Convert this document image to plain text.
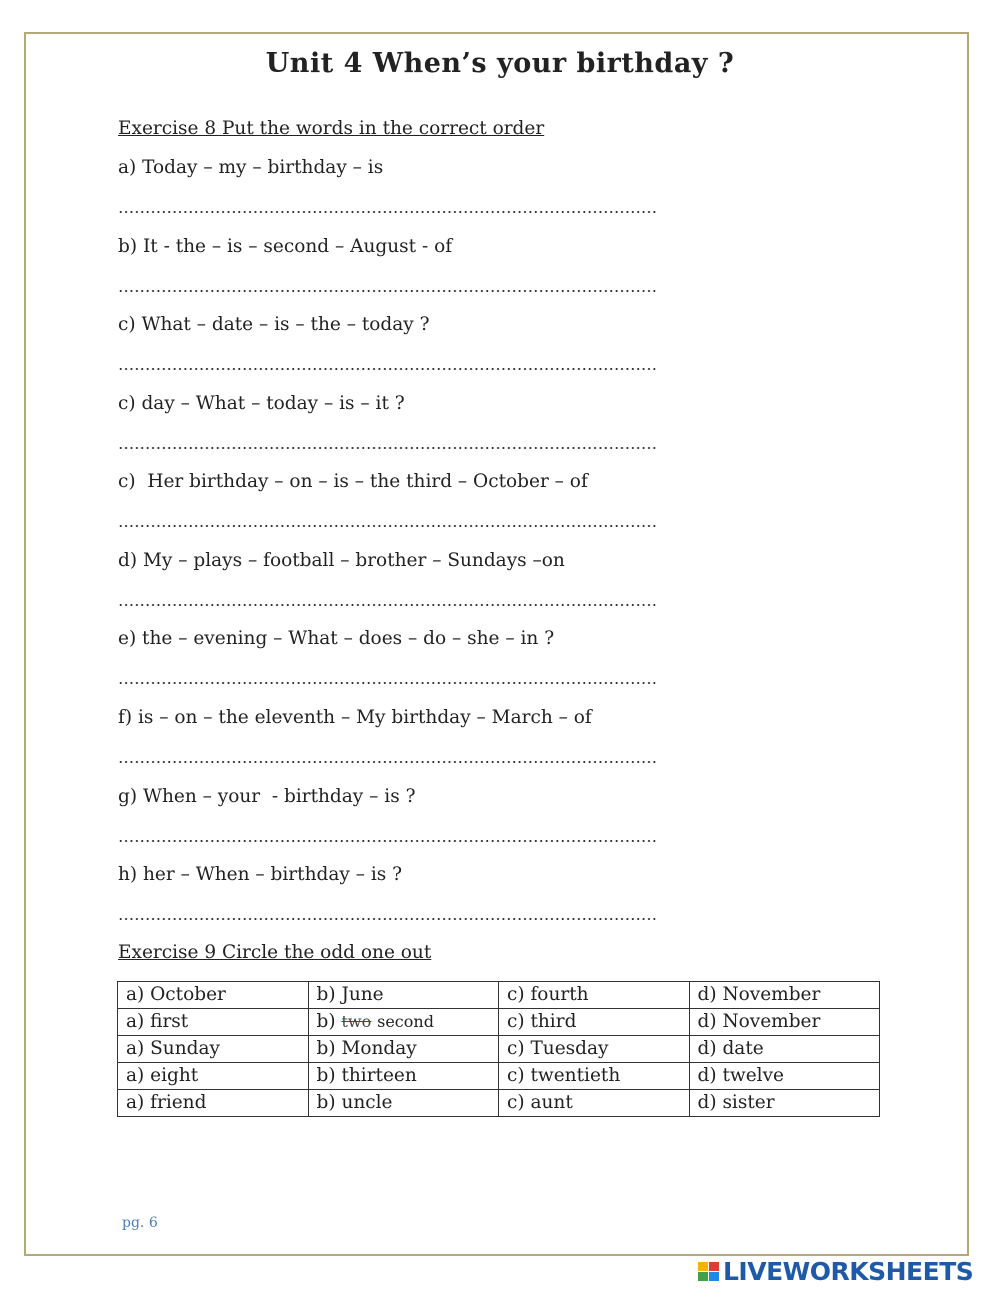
Unit 4 When’s your birthday ?
Exercise 8 Put the words in the correct order
a) Today – my – birthday – is
b) It - the – is – second – August - of
c) What – date – is – the – today ?
c) day – What – today – is – it ?
c)  Her birthday – on – is – the third – October – of
d) My – plays – football – brother – Sundays –on
e) the – evening – What – does – do – she – in ?
f) is – on – the eleventh – My birthday – March – of
g) When – your  - birthday – is ?
h) her – When – birthday – is ?
Exercise 9 Circle the odd one out
a) October	b) June	c) fourth	d) November
a) first	b) two second	c) third	d) November
a) Sunday	b) Monday	c) Tuesday	d) date
a) eight	b) thirteen	c) twentieth	d) twelve
a) friend	b) uncle	c) aunt	d) sister
pg. 6
LIVEWORKSHEETS
